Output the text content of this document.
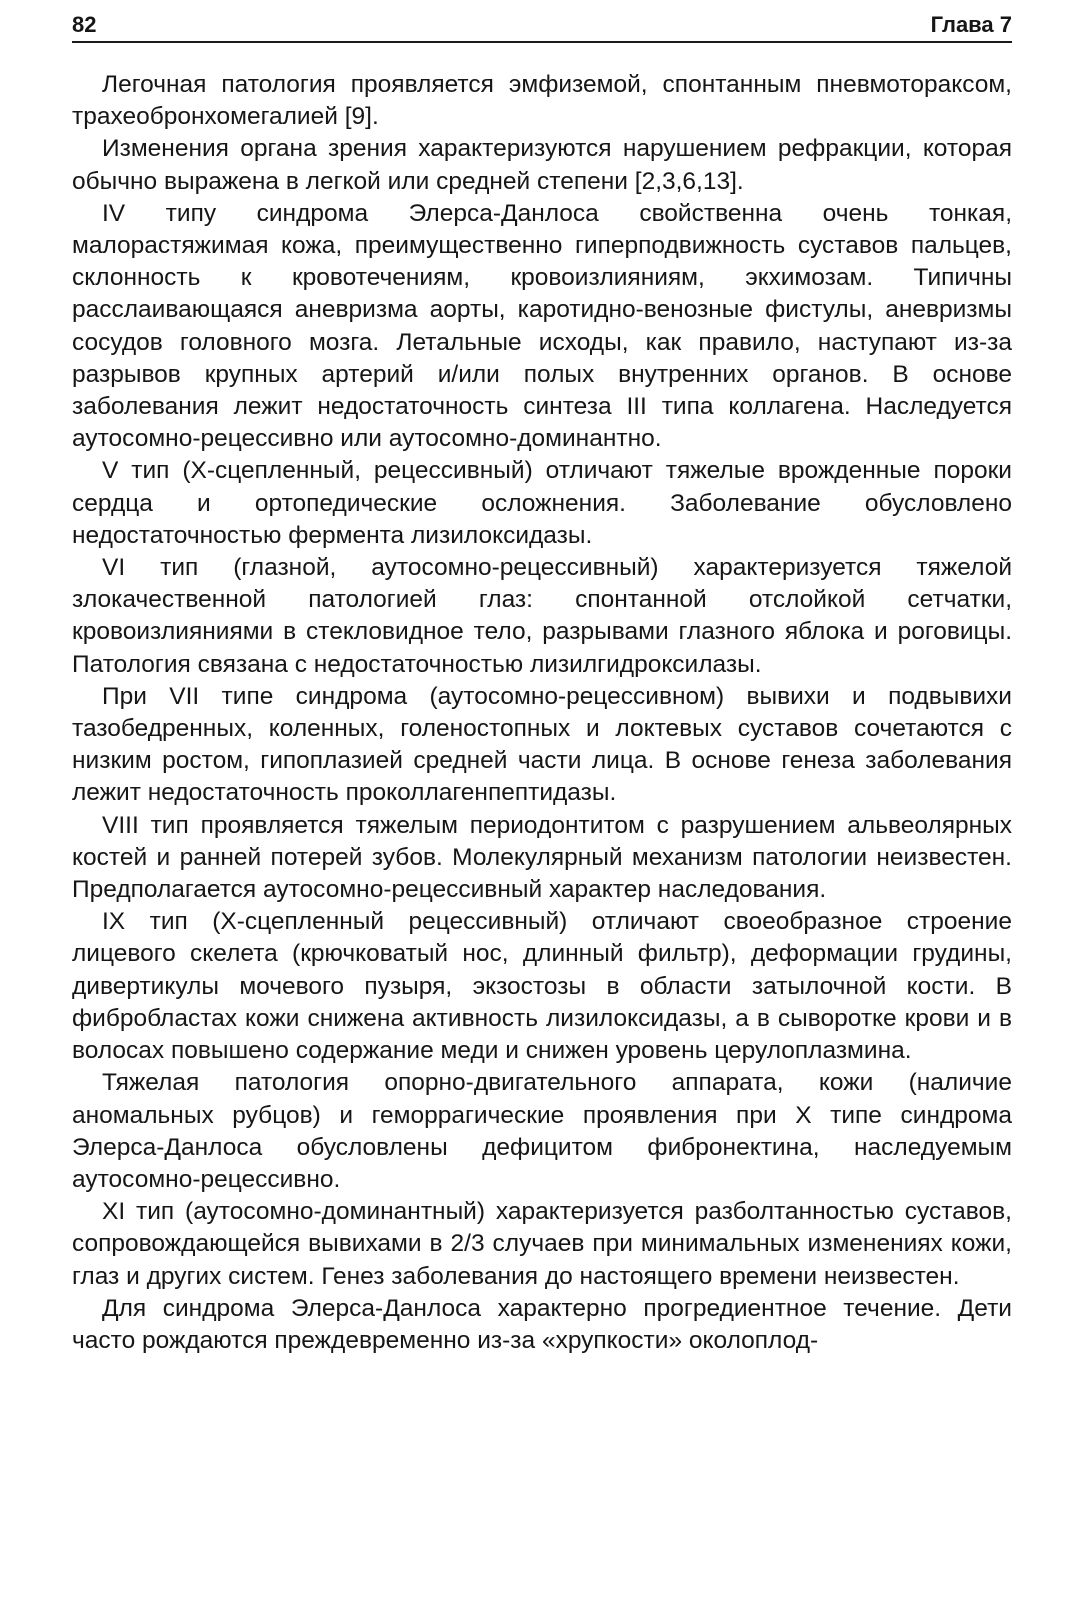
82	Глава 7

Легочная патология проявляется эмфиземой, спонтанным пневмотораксом, трахеобронхомегалией [9].

Изменения органа зрения характеризуются нарушением рефракции, которая обычно выражена в легкой или средней степени [2,3,6,13].

IV типу синдрома Элерса-Данлоса свойственна очень тонкая, малорастяжимая кожа, преимущественно гиперподвижность суставов пальцев, склонность к кровотечениям, кровоизлияниям, экхимозам. Типичны расслаивающаяся аневризма аорты, каротидно-венозные фистулы, аневризмы сосудов головного мозга. Летальные исходы, как правило, наступают из-за разрывов крупных артерий и/или полых внутренних органов. В основе заболевания лежит недостаточность синтеза III типа коллагена. Наследуется аутосомно-рецессивно или аутосомно-доминантно.

V тип (Х-сцепленный, рецессивный) отличают тяжелые врожденные пороки сердца и ортопедические осложнения. Заболевание обусловлено недостаточностью фермента лизилоксидазы.

VI тип (глазной, аутосомно-рецессивный) характеризуется тяжелой злокачественной патологией глаз: спонтанной отслойкой сетчатки, кровоизлияниями в стекловидное тело, разрывами глазного яблока и роговицы. Патология связана с недостаточностью лизилгидроксилазы.

При VII типе синдрома (аутосомно-рецессивном) вывихи и подвывихи тазобедренных, коленных, голеностопных и локтевых суставов сочетаются с низким ростом, гипоплазией средней части лица. В основе генеза заболевания лежит недостаточность проколлагенпептидазы.

VIII тип проявляется тяжелым периодонтитом с разрушением альвеолярных костей и ранней потерей зубов. Молекулярный механизм патологии неизвестен. Предполагается аутосомно-рецессивный характер наследования.

IX тип (Х-сцепленный рецессивный) отличают своеобразное строение лицевого скелета (крючковатый нос, длинный фильтр), деформации грудины, дивертикулы мочевого пузыря, экзостозы в области затылочной кости. В фибробластах кожи снижена активность лизилоксидазы, а в сыворотке крови и в волосах повышено содержание меди и снижен уровень церулоплазмина.

Тяжелая патология опорно-двигательного аппарата, кожи (наличие аномальных рубцов) и геморрагические проявления при X типе синдрома Элерса-Данлоса обусловлены дефицитом фибронектина, наследуемым аутосомно-рецессивно.

XI тип (аутосомно-доминантный) характеризуется разболтанностью суставов, сопровождающейся вывихами в 2/3 случаев при минимальных изменениях кожи, глаз и других систем. Генез заболевания до настоящего времени неизвестен.

Для синдрома Элерса-Данлоса характерно прогредиентное течение. Дети часто рождаются преждевременно из-за «хрупкости» околоплод-
